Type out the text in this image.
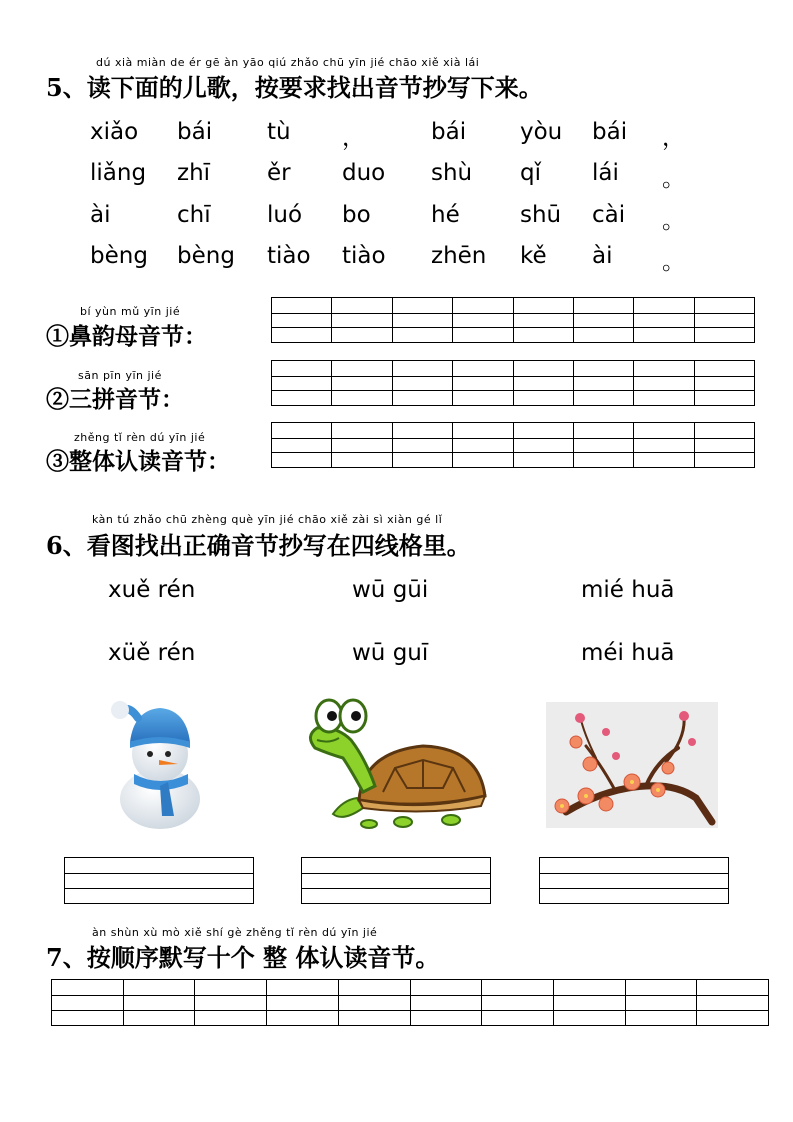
dú xià miàn de ér gē àn yāo qiú zhǎo chū yīn jié chāo xiě xià lái
5、读下面的儿歌，按要求找出音节抄写下来。
xiǎo bái tù ，	bái yòu bái ，
liǎng zhī ěr duo shù qǐ lái 。
ài	chī luó bo	hé	shū cài 。
bèng bèng tiào tiào zhēn kě ài 。
bí yùn mǔ yīn jié
①鼻韵母音节：
sān pīn yīn jié
②三拼音节：
zhěng tǐ rèn dú yīn jié
③整体认读音节：
kàn tú zhǎo chū zhèng què yīn jié chāo xiě zài sì xiàn gé lǐ
6、看图找出正确音节抄写在四线格里。
xuě rén
xüě rén
wū gūi
wū guī
mié huā
méi huā
àn shùn xù mò xiě shí gè zhěng tǐ rèn dú yīn jié
7、按顺序默写十个 整 体认读音节。
